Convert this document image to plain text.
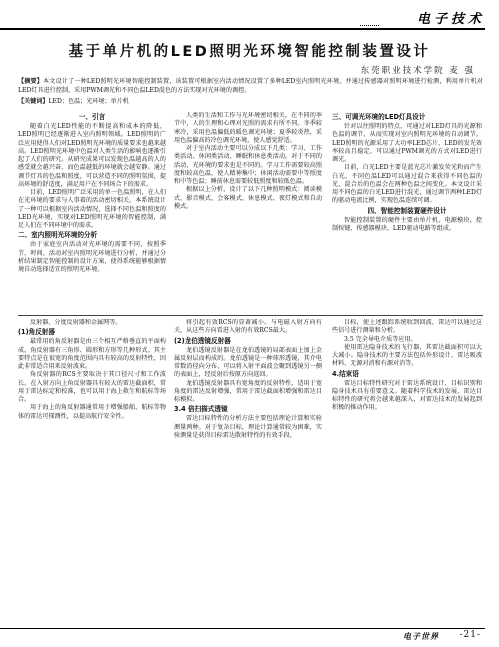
电子技术
基于单片机的LED照明光环境智能控制装置设计
东莞职业技术学院 麦 强
【摘要】本文设计了一种LED照明光环境智能控制装置，该装置可根据室内活动情况设置了多种LED室内照明光环境，并通过传感器对照明环境进行检测，利用单片机对LED灯具进行控制，采用PWM调光和不同色温LED混色的方法实现对光环境的调控。
【关键词】LED；色温；光环境；单片机
一、引言

随着白光LED性能的不断提高和成本的降低，LED照明已经逐渐进入室内照明领域。LED照明的广泛应用使得人们对LED照明光环境的质量要求也越来越高。LED照明光环境中色温对人类生活的影响也逐渐引起了人们的研究。从研究成果可以发现色温越高的人的感受就会越兴奋，而色温越低的环境就会越安静。通过调节灯具的色温和照度，可以营造不同的照明氛围，提高环境的舒适度，满足用户在不同场合下的需求。

目前，LED照明广泛采用的单一色温照明，在人们在光环境的要求与人事着的活动密切相关。本系统设计了一种可以根据室内活动情况，选择不同色温和照度的LED光环境，实现对LED照明光环境的智能控制，满足人们在不同环境中的需求。

二、室内照明光环境的分析

由于家庭室内活动对光环境的需要不同，按照季节、时间、活动对室内照明光环境进行分析，并通过分析结果制定智能控制的设计方案，使得系统能够根据情境自动选择适宜的照明光环境。

人类的生活和工作与光环境密切相关，在不同的季节中，人的生理和心理对光照的需求有所不同。冬季较寒冷，采用色温偏低的暖色调光环境；夏季较炎热，采用色温偏高的冷色调光环境，使人感觉舒适。

对于室内活动主要可以分成以下几类：学习、工作类活动、休闲类活动、睡眠和休息类活动。对于不同的活动，光环境的要求也是不同的。学习工作需要较高照度和较高色温，使人精神集中；休闲活动需要中等照度和中等色温；睡前休息需要较低照度和较低色温。

根据以上分析，设计了以下几种照明模式：阅读模式、影音模式、会客模式、休息模式、夜灯模式和自动模式。

三、可调光环境的LED灯具设计

针对以往照明的特点，可通过对LED灯具的光源和色温的调节，从而实现对室内照明光环境的自动调节。LED照明的光源采用了大功率LED芯片，LED的发光效率较高且稳定，可以通过PWM调光的方式对LED进行调光。

目前，白光LED主要是蓝光芯片激发荧光粉而产生白光，不同色温LED可以通过混合来获得不同色温的光，混合后的色温会在两种色温之间变化。本文设计采用不同色温的白光LED进行混光，通过调节两种LED灯的驱动电流比例，实现色温连续可调。

四、智能控制装置硬件设计

智能控制装置的硬件主要由单片机、电源模块、控制按键、传感器模块、LED驱动电路等组成。

反射器、分度反射器和金属网等。

(1)角反射器

最常用的角反射器是由三个相互严格垂直的平面构成。角反射器有三角形、圆形和方形等几种形式。其主要特点是在很宽的角度范围内具有较高的反射特性，因此非常适合用来反射波束。

角反射器的RCS主要取决于其口径尺寸和工作波长。在入射方向上角反射器具有较大的雷达截面积，常用于雷达标定和校准，也可以用于海上救生和航标等场合。

用于海上的角反射器通常用于增强船舶、航标等物体的雷达可探测性，以提高航行安全性。

将引起有效RCS的显著减小。与电磁入射方向有关，从这些方向看进入射的有效RCS最大。

(2)龙伯透镜反射器

龙伯透镜反射器是在龙伯透镜的局部表面上加上金属反射层而构成的。龙伯透镜是一种球形透镜，其介电常数沿径向分布，可以将入射平面波会聚到透镜另一侧的表面上，经反射后按原方向返回。

龙伯透镜反射器具有宽角度的反射特性，适用于宽角度的雷达反射增强，常用于雷达截面积增强和雷达目标模拟。

3.4 倍扫描式透镜

雷达目标特性的分析方法主要包括理论计算和实验测量两种。对于复杂目标，理论计算通常较为困难，实验测量是获得目标雷达散射特性的有效手段。

目标，使上述跟踪系统收到回波，雷达可以通过这些信号进行测量和分析。

3.5 完全导电介质等应用。

使用雷达隐身技术的飞行器，其雷达截面积可以大大减小。隐身技术的主要方法包括外形设计、雷达吸波材料、无源对消和有源对消等。

4.结束语

雷达目标特性研究对于雷达系统设计、目标识别和隐身技术具有重要意义。随着科学技术的发展，雷达目标特性的研究将会越来越深入，对雷达技术的发展起到积极的推动作用。

电子世界 -21-
